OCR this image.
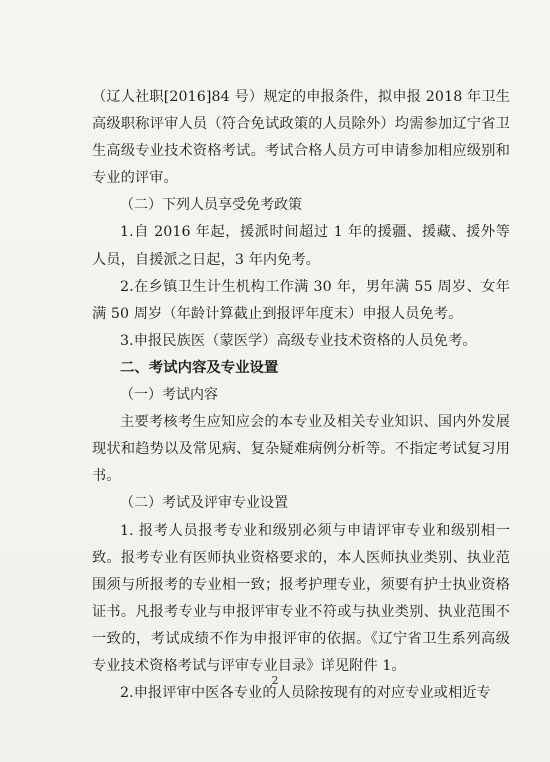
（辽人社职[2016]84 号）规定的申报条件，拟申报 2018 年卫生高级职称评审人员（符合免试政策的人员除外）均需参加辽宁省卫生高级专业技术资格考试。考试合格人员方可申请参加相应级别和专业的评审。

（二）下列人员享受免考政策

1.自 2016 年起，援派时间超过 1 年的援疆、援藏、援外等人员，自援派之日起，3 年内免考。

2.在乡镇卫生计生机构工作满 30 年，男年满 55 周岁、女年满 50 周岁（年龄计算截止到报评年度末）申报人员免考。

3.申报民族医（蒙医学）高级专业技术资格的人员免考。

二、考试内容及专业设置

（一）考试内容

主要考核考生应知应会的本专业及相关专业知识、国内外发展现状和趋势以及常见病、复杂疑难病例分析等。不指定考试复习用书。

（二）考试及评审专业设置

1. 报考人员报考专业和级别必须与申请评审专业和级别相一致。报考专业有医师执业资格要求的，本人医师执业类别、执业范围须与所报考的专业相一致；报考护理专业，须要有护士执业资格证书。凡报考专业与申报评审专业不符或与执业类别、执业范围不一致的，考试成绩不作为申报评审的依据。《辽宁省卫生系列高级专业技术资格考试与评审专业目录》详见附件 1。

2.申报评审中医各专业的人员除按现有的对应专业或相近专

2
